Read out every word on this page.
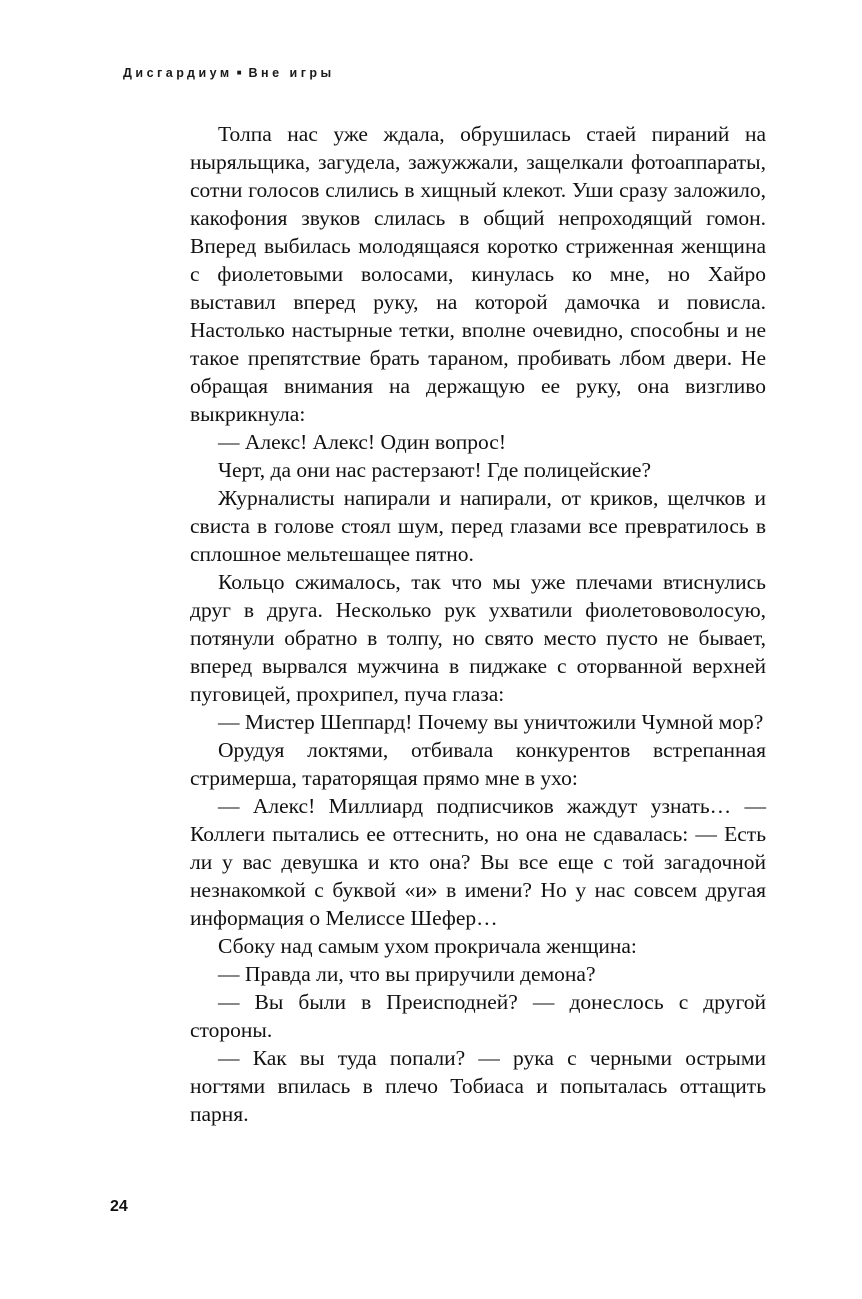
Дисгардиум ■ Вне игры

Толпа нас уже ждала, обрушилась стаей пираний на ныряльщика, загудела, зажужжали, защелкали фотоаппараты, сотни голосов слились в хищный клекот. Уши сразу заложило, какофония звуков слилась в общий непроходящий гомон. Вперед выбилась молодящаяся коротко стриженная женщина с фиолетовыми волосами, кинулась ко мне, но Хайро выставил вперед руку, на которой дамочка и повисла. Настолько настырные тетки, вполне очевидно, способны и не такое препятствие брать тараном, пробивать лбом двери. Не обращая внимания на держащую ее руку, она визгливо выкрикнула:

— Алекс! Алекс! Один вопрос!

Черт, да они нас растерзают! Где полицейские?

Журналисты напирали и напирали, от криков, щелчков и свиста в голове стоял шум, перед глазами все превратилось в сплошное мельтешащее пятно.

Кольцо сжималось, так что мы уже плечами втиснулись друг в друга. Несколько рук ухватили фиолетововолосую, потянули обратно в толпу, но свято место пусто не бывает, вперед вырвался мужчина в пиджаке с оторванной верхней пуговицей, прохрипел, пуча глаза:

— Мистер Шеппард! Почему вы уничтожили Чумной мор?

Орудуя локтями, отбивала конкурентов встрепанная стримерша, тараторящая прямо мне в ухо:

— Алекс! Миллиард подписчиков жаждут узнать… — Коллеги пытались ее оттеснить, но она не сдавалась: — Есть ли у вас девушка и кто она? Вы все еще с той загадочной незнакомкой с буквой «и» в имени? Но у нас совсем другая информация о Мелиссе Шефер…

Сбоку над самым ухом прокричала женщина:

— Правда ли, что вы приручили демона?

— Вы были в Преисподней? — донеслось с другой стороны.

— Как вы туда попали? — рука с черными острыми ногтями впилась в плечо Тобиаса и попыталась оттащить парня.

24
